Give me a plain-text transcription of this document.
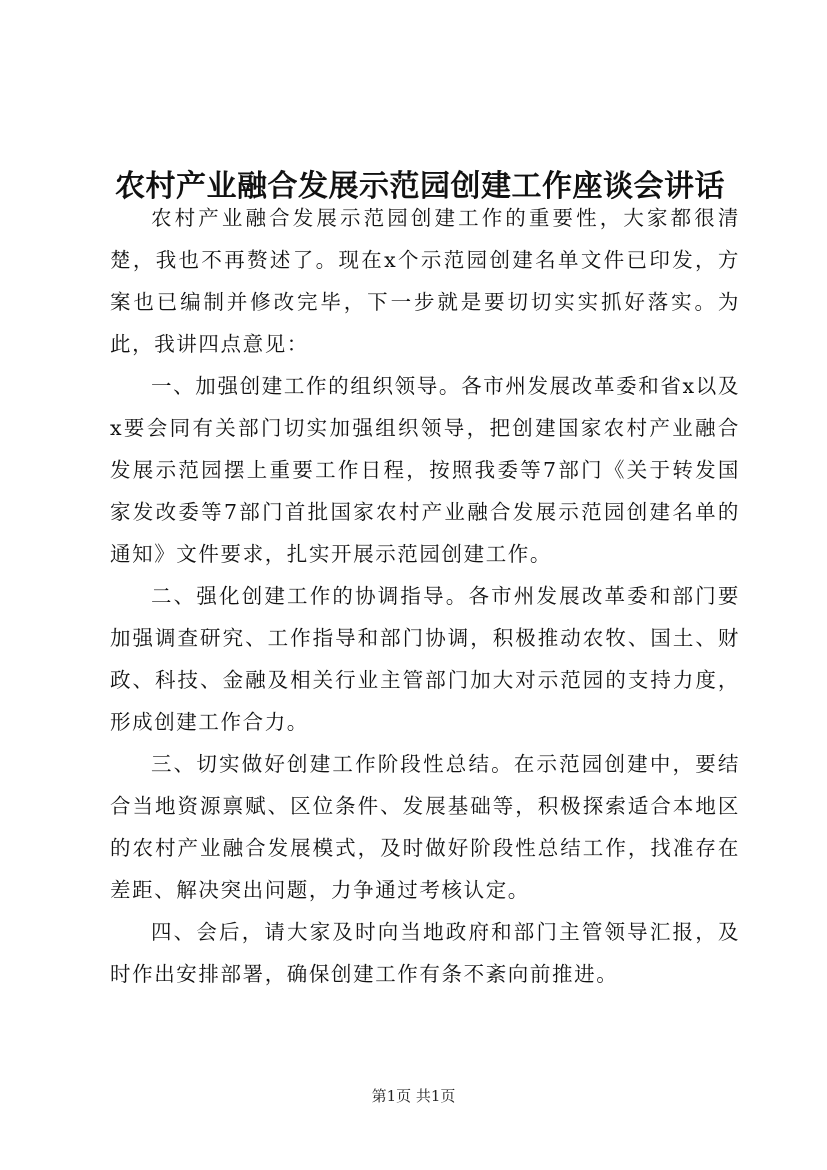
农村产业融合发展示范园创建工作座谈会讲话

农村产业融合发展示范园创建工作的重要性，大家都很清楚，我也不再赘述了。现在x个示范园创建名单文件已印发，方案也已编制并修改完毕，下一步就是要切切实实抓好落实。为此，我讲四点意见：

一、加强创建工作的组织领导。各市州发展改革委和省x以及x要会同有关部门切实加强组织领导，把创建国家农村产业融合发展示范园摆上重要工作日程，按照我委等7部门《关于转发国家发改委等7部门首批国家农村产业融合发展示范园创建名单的通知》文件要求，扎实开展示范园创建工作。

二、强化创建工作的协调指导。各市州发展改革委和部门要加强调查研究、工作指导和部门协调，积极推动农牧、国土、财政、科技、金融及相关行业主管部门加大对示范园的支持力度，形成创建工作合力。

三、切实做好创建工作阶段性总结。在示范园创建中，要结合当地资源禀赋、区位条件、发展基础等，积极探索适合本地区的农村产业融合发展模式，及时做好阶段性总结工作，找准存在差距、解决突出问题，力争通过考核认定。

四、会后，请大家及时向当地政府和部门主管领导汇报，及时作出安排部署，确保创建工作有条不紊向前推进。

第1页 共1页
